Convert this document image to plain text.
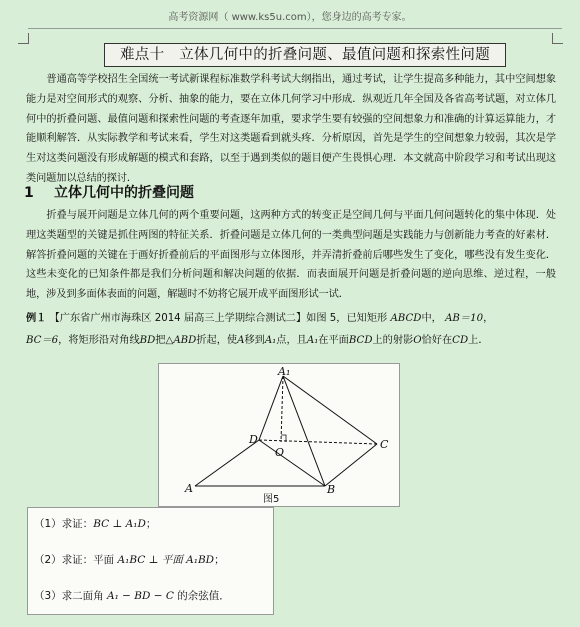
高考资源网（ www.ks5u.com），您身边的高考专家。
难点十　立体几何中的折叠问题、最值问题和探索性问题
普通高等学校招生全国统一考试新课程标准数学科考试大纲指出，通过考试，让学生提高多种能力，其中空间想象能力是对空间形式的观察、分析、抽象的能力，要在立体几何学习中形成．纵观近几年全国及各省高考试题，对立体几何中的折叠问题、最值问题和探索性问题的考查逐年加重，要求学生要有较强的空间想象力和准确的计算运算能力，才能顺利解答．从实际教学和考试来看，学生对这类题看到就头疼．分析原因，首先是学生的空间想象力较弱，其次是学生对这类问题没有形成解题的模式和套路，以至于遇到类似的题目便产生畏惧心理．本文就高中阶段学习和考试出现这类问题加以总结的探讨．
1 立体几何中的折叠问题
折叠与展开问题是立体几何的两个重要问题，这两种方式的转变正是空间几何与平面几何问题转化的集中体现．处理这类题型的关键是抓住两图的特征关系．折叠问题是立体几何的一类典型问题是实践能力与创新能力考查的好素材．解答折叠问题的关键在于画好折叠前后的平面图形与立体图形，并弄清折叠前后哪些发生了变化，哪些没有发生变化．这些未变化的已知条件都是我们分析问题和解决问题的依据．而表面展开问题是折叠问题的逆向思维、逆过程，一般地，涉及到多面体表面的问题，解题时不妨将它展开成平面图形试一试．
例１ 【广东省广州市海珠区 2014 届高三上学期综合测试二】如图 5，已知矩形 ABCD中， AB＝10，
BC＝6，将矩形沿对角线BD把△ABD折起，使A移到A₁点，且A₁在平面BCD上的射影O恰好在CD上．
A₁
D
O
C
A	B
图5
（1）求证：BC ⊥ A₁D；
（2）求证：平面 A₁BC ⊥ 平面 A₁BD；
（3）求二面角 A₁ − BD − C 的余弦值．
